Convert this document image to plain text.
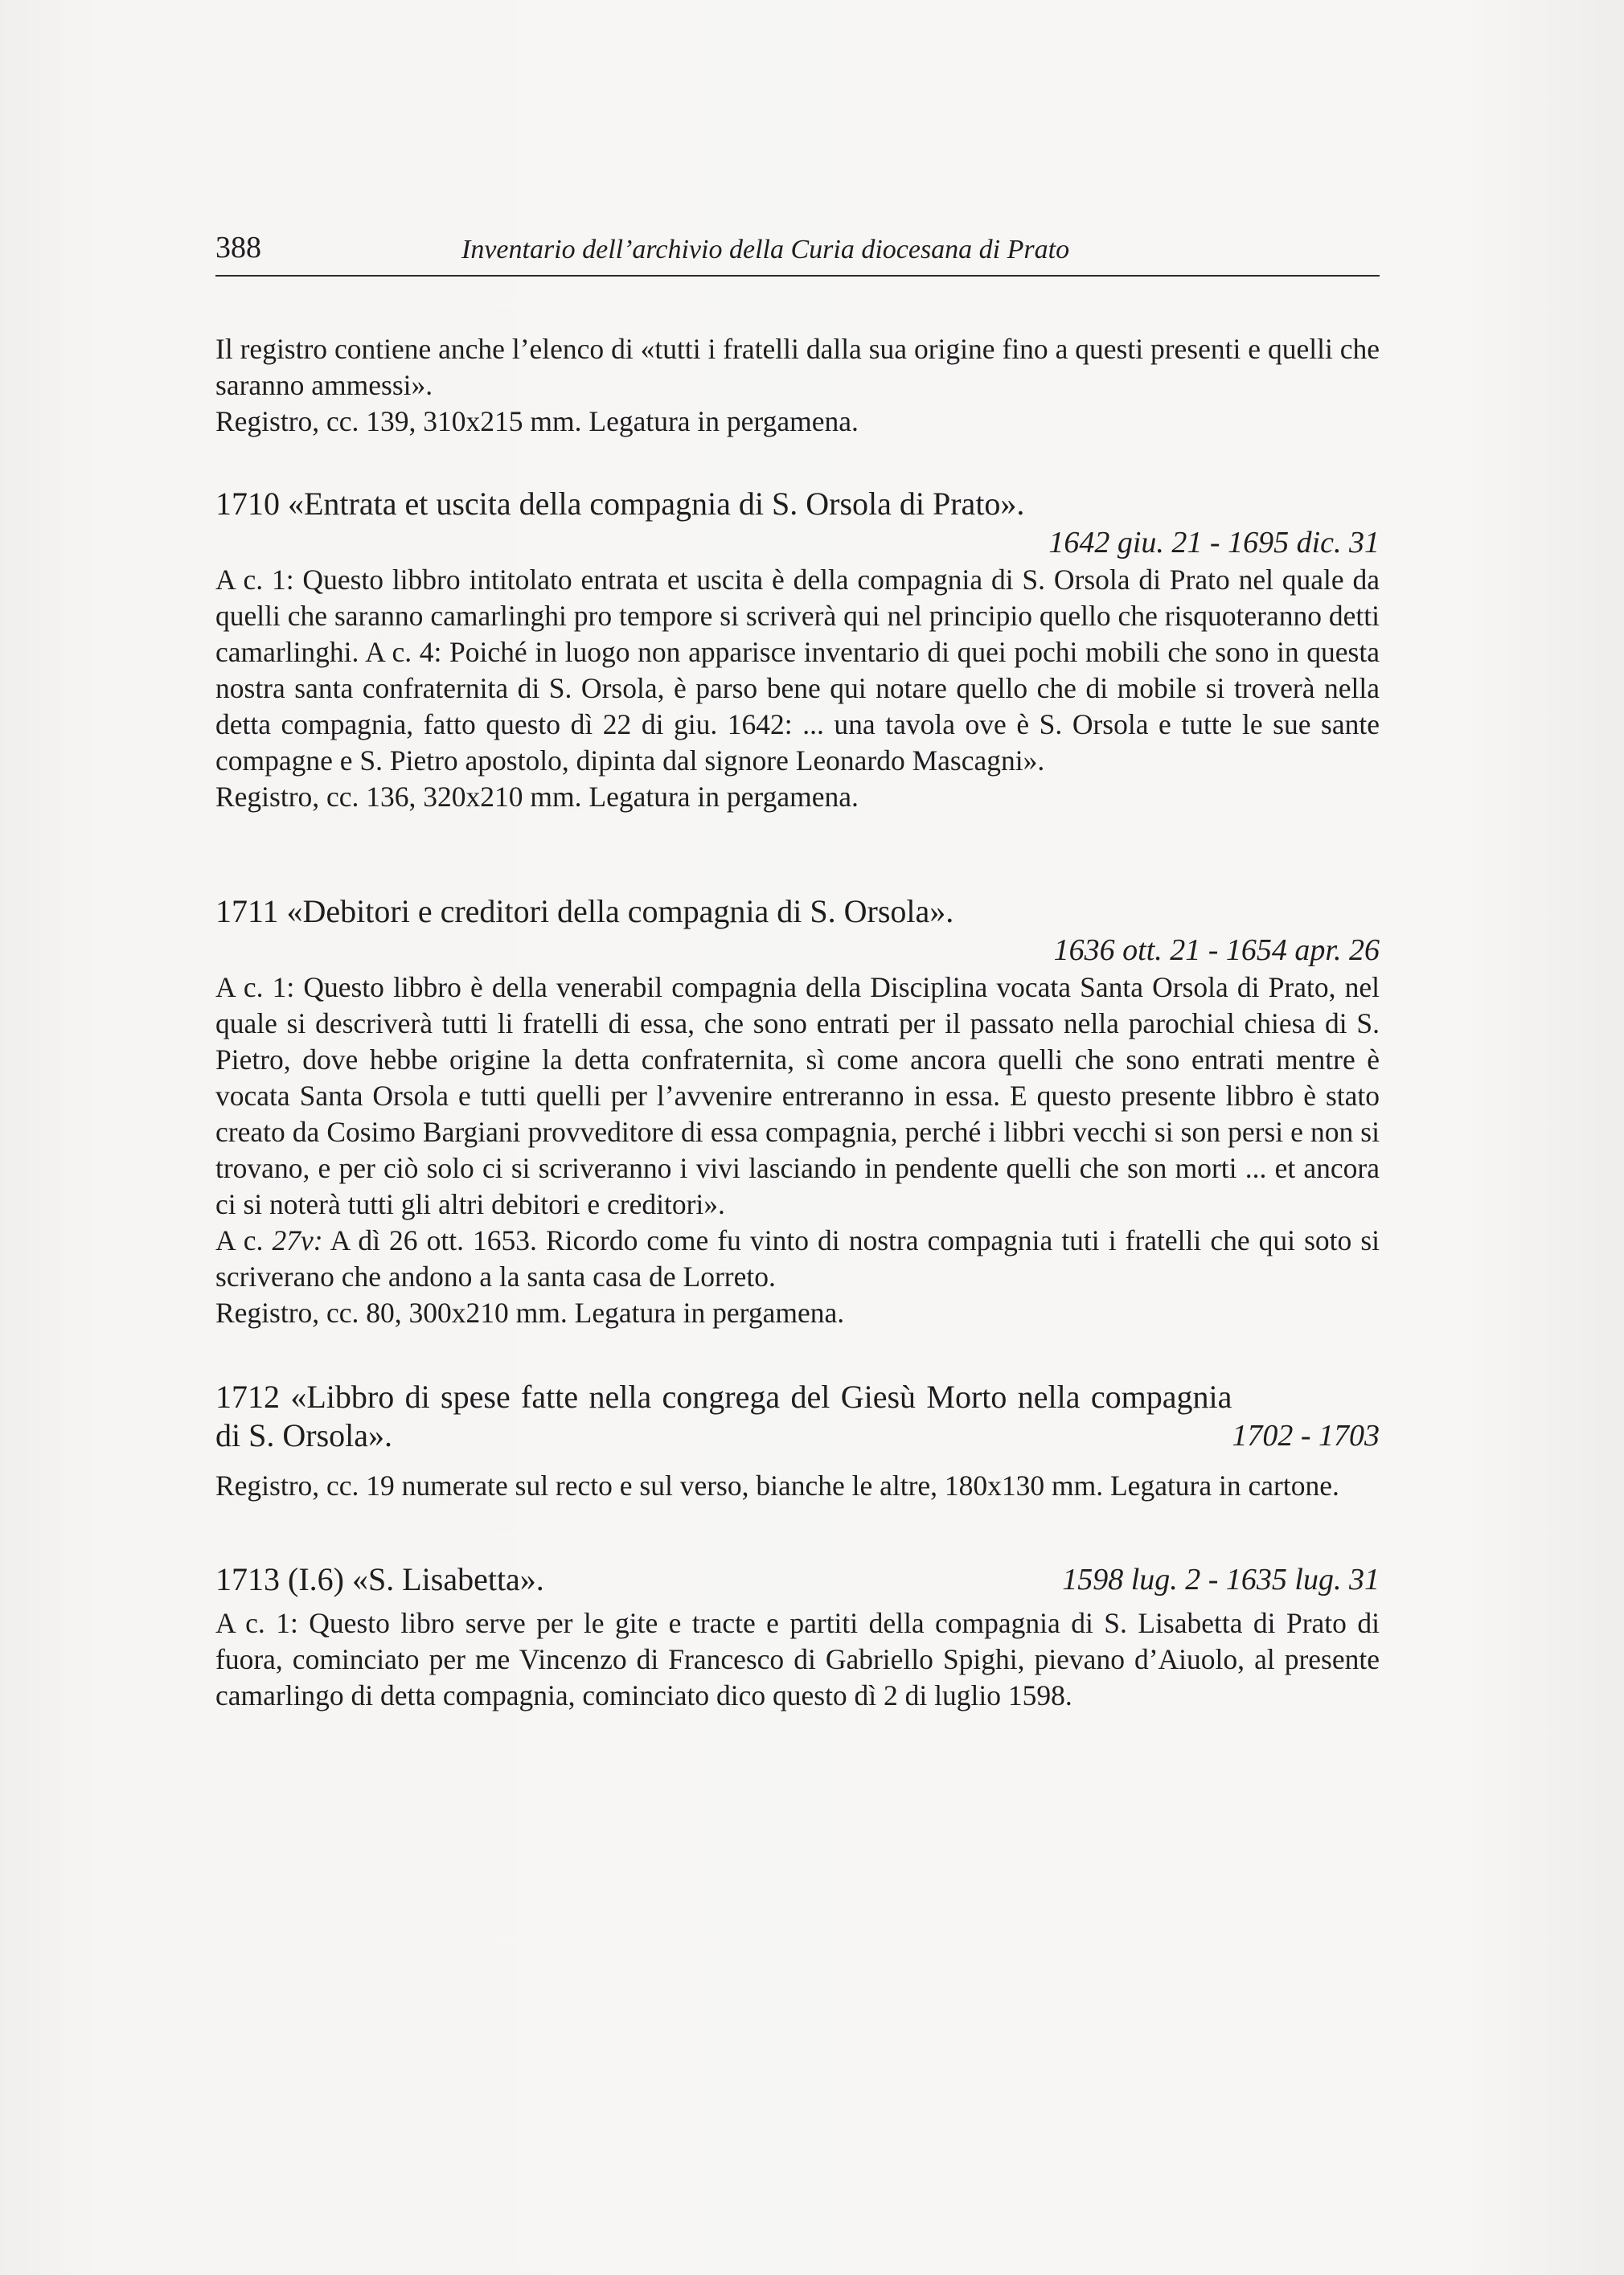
388	Inventario dell’archivio della Curia diocesana di Prato

Il registro contiene anche l’elenco di «tutti i fratelli dalla sua origine fino a questi presenti e quelli che saranno ammessi».

Registro, cc. 139, 310x215 mm. Legatura in pergamena.

1710 «Entrata et uscita della compagnia di S. Orsola di Prato».

1642 giu. 21 - 1695 dic. 31

A c. 1: Questo libbro intitolato entrata et uscita è della compagnia di S. Orsola di Prato nel quale da quelli che saranno camarlinghi pro tempore si scriverà qui nel principio quello che risquoteranno detti camarlinghi. A c. 4: Poiché in luogo non apparisce inventario di quei pochi mobili che sono in questa nostra santa confraternita di S. Orsola, è parso bene qui notare quello che di mobile si troverà nella detta compagnia, fatto questo dì 22 di giu. 1642: ... una tavola ove è S. Orsola e tutte le sue sante compagne e S. Pietro apostolo, dipinta dal signore Leonardo Mascagni».

Registro, cc. 136, 320x210 mm. Legatura in pergamena.

1711 «Debitori e creditori della compagnia di S. Orsola».

1636 ott. 21 - 1654 apr. 26

A c. 1: Questo libbro è della venerabil compagnia della Disciplina vocata Santa Orsola di Prato, nel quale si descriverà tutti li fratelli di essa, che sono entrati per il passato nella parochial chiesa di S. Pietro, dove hebbe origine la detta confraternita, sì come ancora quelli che sono entrati mentre è vocata Santa Orsola e tutti quelli per l’avvenire entreranno in essa. E questo presente libbro è stato creato da Cosimo Bargiani provveditore di essa compagnia, perché i libbri vecchi si son persi e non si trovano, e per ciò solo ci si scriveranno i vivi lasciando in pendente quelli che son morti ... et ancora ci si noterà tutti gli altri debitori e creditori».

A c. 27v: A dì 26 ott. 1653. Ricordo come fu vinto di nostra compagnia tuti i fratelli che qui soto si scriverano che andono a la santa casa de Lorreto.

Registro, cc. 80, 300x210 mm. Legatura in pergamena.

1702 - 1703
1712 «Libbro di spese fatte nella congrega del Giesù Morto nella compagnia di S. Orsola».

Registro, cc. 19 numerate sul recto e sul verso, bianche le altre, 180x130 mm. Legatura in cartone.

1598 lug. 2 - 1635 lug. 31
1713 (I.6) «S. Lisabetta».

A c. 1: Questo libro serve per le gite e tracte e partiti della compagnia di S. Lisabetta di Prato di fuora, cominciato per me Vincenzo di Francesco di Gabriello Spighi, pievano d’Aiuolo, al presente camarlingo di detta compagnia, cominciato dico questo dì 2 di luglio 1598.
